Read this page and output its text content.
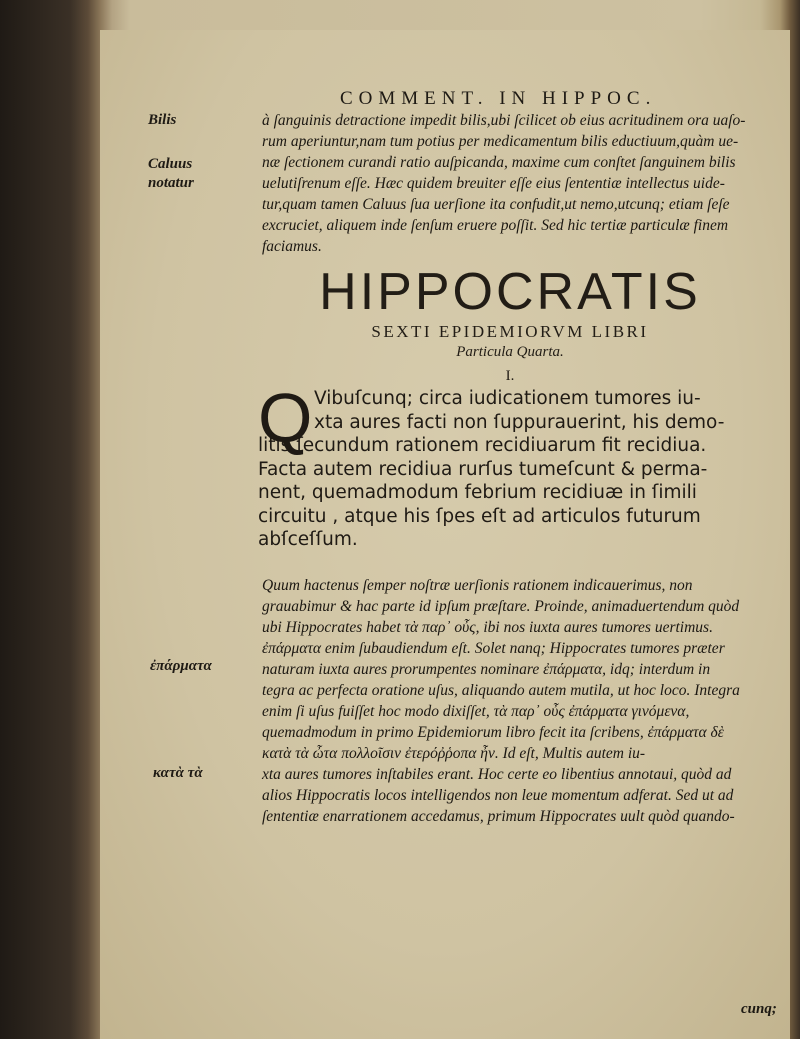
COMMENT. IN HIPPOC.
Bilis
Caluus
notatur

à ſanguinis detractione impedit bilis,ubi ſcilicet ob eius acritudinem ora uaſo-

rum aperiuntur,nam tum potius per medicamentum bilis eductiuum,quàm ue-

næ ſectionem curandi ratio auſpicanda, maxime cum conſtet ſanguinem bilis

uelutiſrenum eſſe. Hæc quidem breuiter eſſe eius ſententiæ intellectus uide-

tur,quam tamen Caluus ſua uerſione ita confudit,ut nemo,utcunq; etiam ſeſe

excruciet, aliquem inde ſenſum eruere poſſit. Sed hic tertiæ particulæ finem

faciamus.

HIPPOCRATIS
SEXTI EPIDEMIORVM LIBRI
Particula Quarta.
I.
Q Vibuſcunq; circa iudicationem tumores iu-
xta aures facti non ſuppurauerint, his demo-
litis ſecundum rationem recidiuarum fit recidiua.
Facta autem recidiua rurſus tumeſcunt & perma-
nent, quemadmodum febrium recidiuæ in ſimili
circuitu , atque his ſpes eſt ad articulos futurum
abſceſſum.
ἐπάρματα
κατὰ τὰ

Quum hactenus ſemper noſtræ uerſionis rationem indicauerimus, non

grauabimur & hac parte id ipſum præſtare. Proinde, animaduertendum quòd

ubi Hippocrates habet τὰ παρ᾽ οὖς, ibi nos iuxta aures tumores uertimus.

ἐπάρματα enim ſubaudiendum eſt. Solet nanq; Hippocrates tumores præter

naturam iuxta aures prorumpentes nominare ἐπάρματα, idq; interdum in

tegra ac perfecta oratione uſus, aliquando autem mutila, ut hoc loco. Integra

enim ſi uſus fuiſſet hoc modo dixiſſet, τὰ παρ᾽ οὖς ἐπάρματα γινόμενα,

quemadmodum in primo Epidemiorum libro fecit ita ſcribens, ἐπάρματα δὲ

κατὰ τὰ ὦτα πολλοῖσιν ἐτερόῤῥοπα ἦν. Id eſt, Multis autem iu-

xta aures tumores inſtabiles erant. Hoc certe eo libentius annotaui, quòd ad

alios Hippocratis locos intelligendos non leue momentum adferat. Sed ut ad

ſententiæ enarrationem accedamus, primum Hippocrates uult quòd quando-

cunq;
